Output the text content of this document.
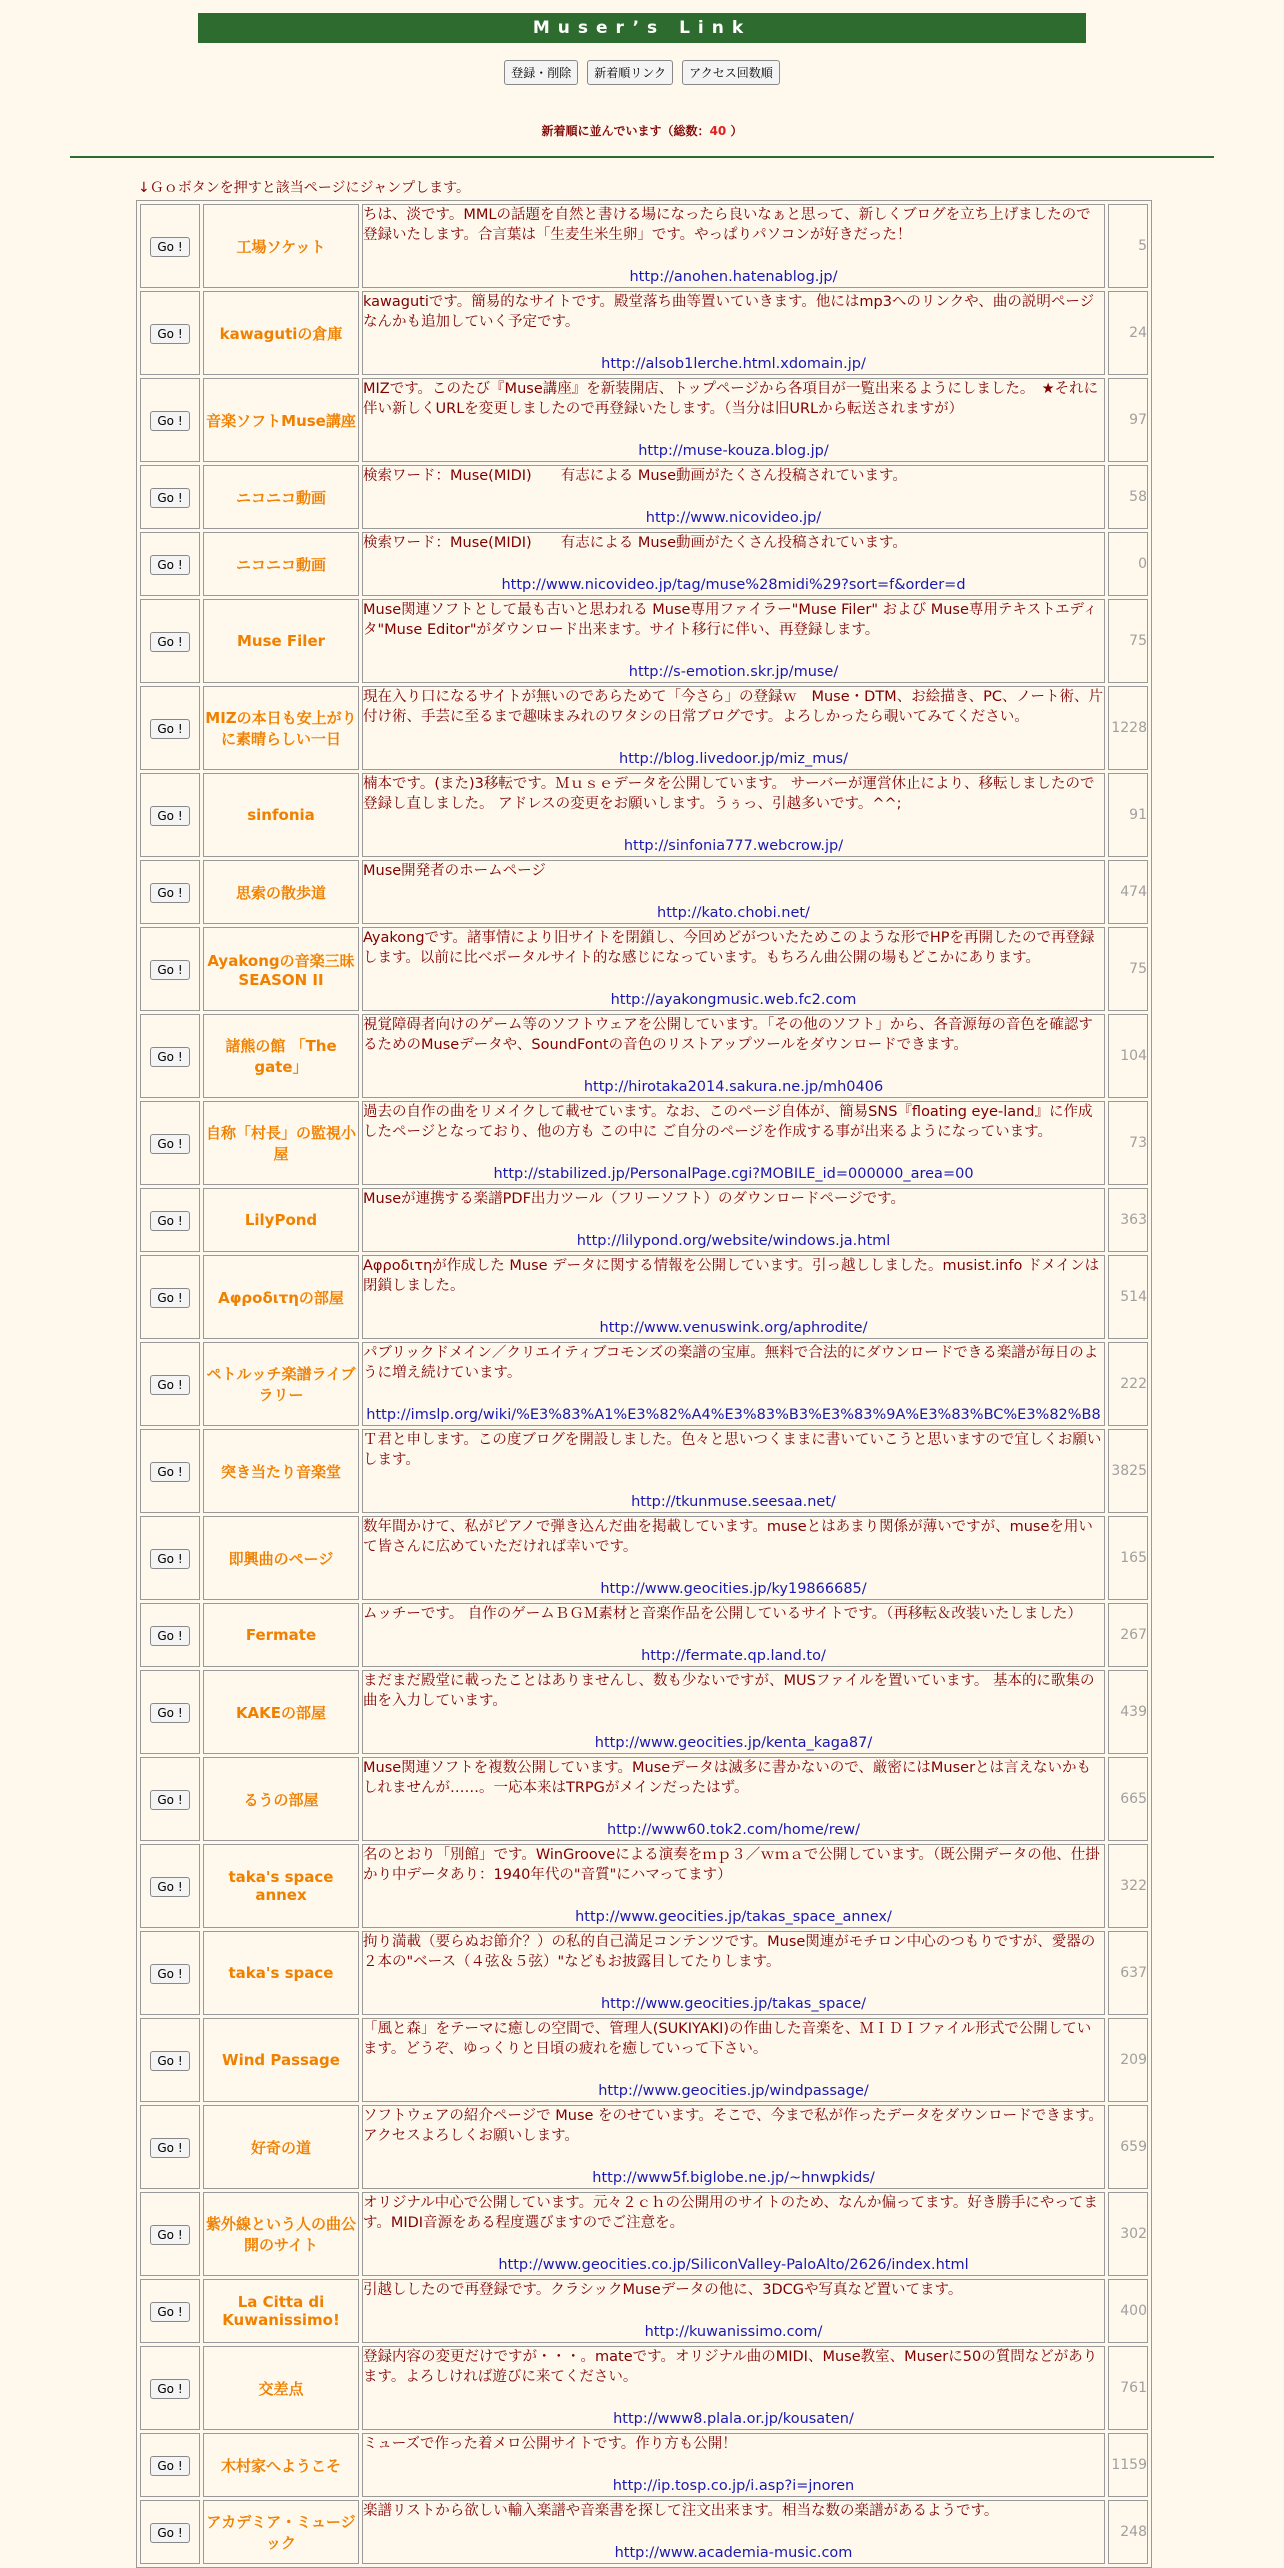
Muser’s Link
登録・削除 新着順リンク アクセス回数順
新着順に並んでいます（総数：40 ）
↓Ｇｏボタンを押すと該当ページにジャンプします。
Go !	工場ソケット	ちは、淡です。MMLの話題を自然と書ける場になったら良いなぁと思って、新しくブログを立ち上げましたので登録いたします。合言葉は「生麦生米生卵」です。やっぱりパソコンが好きだった！
http://anohen.hatenablog.jp/	5
Go !	kawagutiの倉庫	kawagutiです。簡易的なサイトです。殿堂落ち曲等置いていきます。他にはmp3へのリンクや、曲の説明ページなんかも追加していく予定です。
http://alsob1lerche.html.xdomain.jp/	24
Go !	音楽ソフトMuse講座	MIZです。このたび『Muse講座』を新装開店、トップページから各項目が一覧出来るようにしました。　★それに伴い新しくURLを変更しましたので再登録いたします。（当分は旧URLから転送されますが）
http://muse-kouza.blog.jp/	97
Go !	ニコニコ動画	検索ワード：Muse(MIDI)　　有志による Muse動画がたくさん投稿されています。
http://www.nicovideo.jp/	58
Go !	ニコニコ動画	検索ワード：Muse(MIDI)　　有志による Muse動画がたくさん投稿されています。
http://www.nicovideo.jp/tag/muse%28midi%29?sort=f&order=d	0
Go !	Muse Filer	Muse関連ソフトとして最も古いと思われる Muse専用ファイラー"Muse Filer" および Muse専用テキストエディタ"Muse Editor"がダウンロード出来ます。サイト移行に伴い、再登録します。
http://s-emotion.skr.jp/muse/	75
Go !	MIZの本日も安上がりに素晴らしい一日	現在入り口になるサイトが無いのであらためて「今さら」の登録ｗ　Muse・DTM、お絵描き、PC、ノート術、片付け術、手芸に至るまで趣味まみれのワタシの日常ブログです。よろしかったら覗いてみてください。
http://blog.livedoor.jp/miz_mus/	1228
Go !	sinfonia	楠本です。(また)3移転です。Ｍｕｓｅデータを公開しています。 サーバーが運営休止により、移転しましたので登録し直しました。 アドレスの変更をお願いします。うぅっ、引越多いです。^^;
http://sinfonia777.webcrow.jp/	91
Go !	思索の散歩道	Muse開発者のホームページ
http://kato.chobi.net/	474
Go !	Ayakongの音楽三昧 SEASON II	Ayakongです。諸事情により旧サイトを閉鎖し、今回めどがついたためこのような形でHPを再開したので再登録します。以前に比べポータルサイト的な感じになっています。もちろん曲公開の場もどこかにあります。
http://ayakongmusic.web.fc2.com	75
Go !	諸熊の館 「The gate」	視覚障碍者向けのゲーム等のソフトウェアを公開しています。「その他のソフト」から、各音源毎の音色を確認するためのMuseデータや、SoundFontの音色のリストアップツールをダウンロードできます。
http://hirotaka2014.sakura.ne.jp/mh0406	104
Go !	自称「村長」の監視小屋	過去の自作の曲をリメイクして載せています。なお、このページ自体が、簡易SNS『floating eye-land』に作成したページとなっており、他の方も この中に ご自分のページを作成する事が出来るようになっています。
http://stabilized.jp/PersonalPage.cgi?MOBILE_id=000000_area=00	73
Go !	LilyPond	Museが連携する楽譜PDF出力ツール（フリーソフト）のダウンロードページです。
http://lilypond.org/website/windows.ja.html	363
Go !	Aφροδιτηの部屋	Aφροδιτηが作成した Muse データに関する情報を公開しています。引っ越ししました。musist.info ドメインは閉鎖しました。
http://www.venuswink.org/aphrodite/	514
Go !	ペトルッチ楽譜ライブラリー	パブリックドメイン／クリエイティブコモンズの楽譜の宝庫。無料で合法的にダウンロードできる楽譜が毎日のように増え続けています。
http://imslp.org/wiki/%E3%83%A1%E3%82%A4%E3%83%B3%E3%83%9A%E3%83%BC%E3%82%B8	222
Go !	突き当たり音楽堂	Ｔ君と申します。この度ブログを開設しました。色々と思いつくままに書いていこうと思いますので宜しくお願いします。
http://tkunmuse.seesaa.net/	3825
Go !	即興曲のページ	数年間かけて、私がピアノで弾き込んだ曲を掲載しています。museとはあまり関係が薄いですが、museを用いて皆さんに広めていただければ幸いです。
http://www.geocities.jp/ky19866685/	165
Go !	Fermate	ムッチーです。 自作のゲームＢＧＭ素材と音楽作品を公開しているサイトです。（再移転＆改装いたしました）
http://fermate.qp.land.to/	267
Go !	KAKEの部屋	まだまだ殿堂に載ったことはありませんし、数も少ないですが、MUSファイルを置いています。 基本的に歌集の曲を入力しています。
http://www.geocities.jp/kenta_kaga87/	439
Go !	るうの部屋	Muse関連ソフトを複数公開しています。Museデータは滅多に書かないので、厳密にはMuserとは言えないかもしれませんが……。一応本来はTRPGがメインだったはず。
http://www60.tok2.com/home/rew/	665
Go !	taka's space annex	名のとおり「別館」です。WinGrooveによる演奏をｍｐ３／ｗｍａで公開しています。（既公開データの他、仕掛かり中データあり：1940年代の"音質"にハマってます）
http://www.geocities.jp/takas_space_annex/	322
Go !	taka's space	拘り満載（要らぬお節介？）の私的自己満足コンテンツです。Muse関連がモチロン中心のつもりですが、愛器の２本の"ベース（４弦＆５弦）"などもお披露目してたりします。
http://www.geocities.jp/takas_space/	637
Go !	Wind Passage	「風と森」をテーマに癒しの空間で、管理人(SUKIYAKI)の作曲した音楽を、ＭＩＤＩファイル形式で公開しています。どうぞ、ゆっくりと日頃の疲れを癒していって下さい。
http://www.geocities.jp/windpassage/	209
Go !	好奇の道	ソフトウェアの紹介ページで Muse をのせています。そこで、今まで私が作ったデータをダウンロードできます。アクセスよろしくお願いします。
http://www5f.biglobe.ne.jp/~hnwpkids/	659
Go !	紫外線という人の曲公開のサイト	オリジナル中心で公開しています。元々２ｃｈの公開用のサイトのため、なんか偏ってます。好き勝手にやってます。MIDI音源をある程度選びますのでご注意を。
http://www.geocities.co.jp/SiliconValley-PaloAlto/2626/index.html	302
Go !	La Citta di Kuwanissimo!	引越ししたので再登録です。クラシックMuseデータの他に、3DCGや写真など置いてます。
http://kuwanissimo.com/	400
Go !	交差点	登録内容の変更だけですが・・・。mateです。オリジナル曲のMIDI、Muse教室、Muserに50の質問などがあります。よろしければ遊びに来てください。
http://www8.plala.or.jp/kousaten/	761
Go !	木村家へようこそ	ミューズで作った着メロ公開サイトです。作り方も公開！
http://ip.tosp.co.jp/i.asp?i=jnoren	1159
Go !	アカデミア・ミュージック	楽譜リストから欲しい輸入楽譜や音楽書を探して注文出来ます。相当な数の楽譜があるようです。
http://www.academia-music.com	248
